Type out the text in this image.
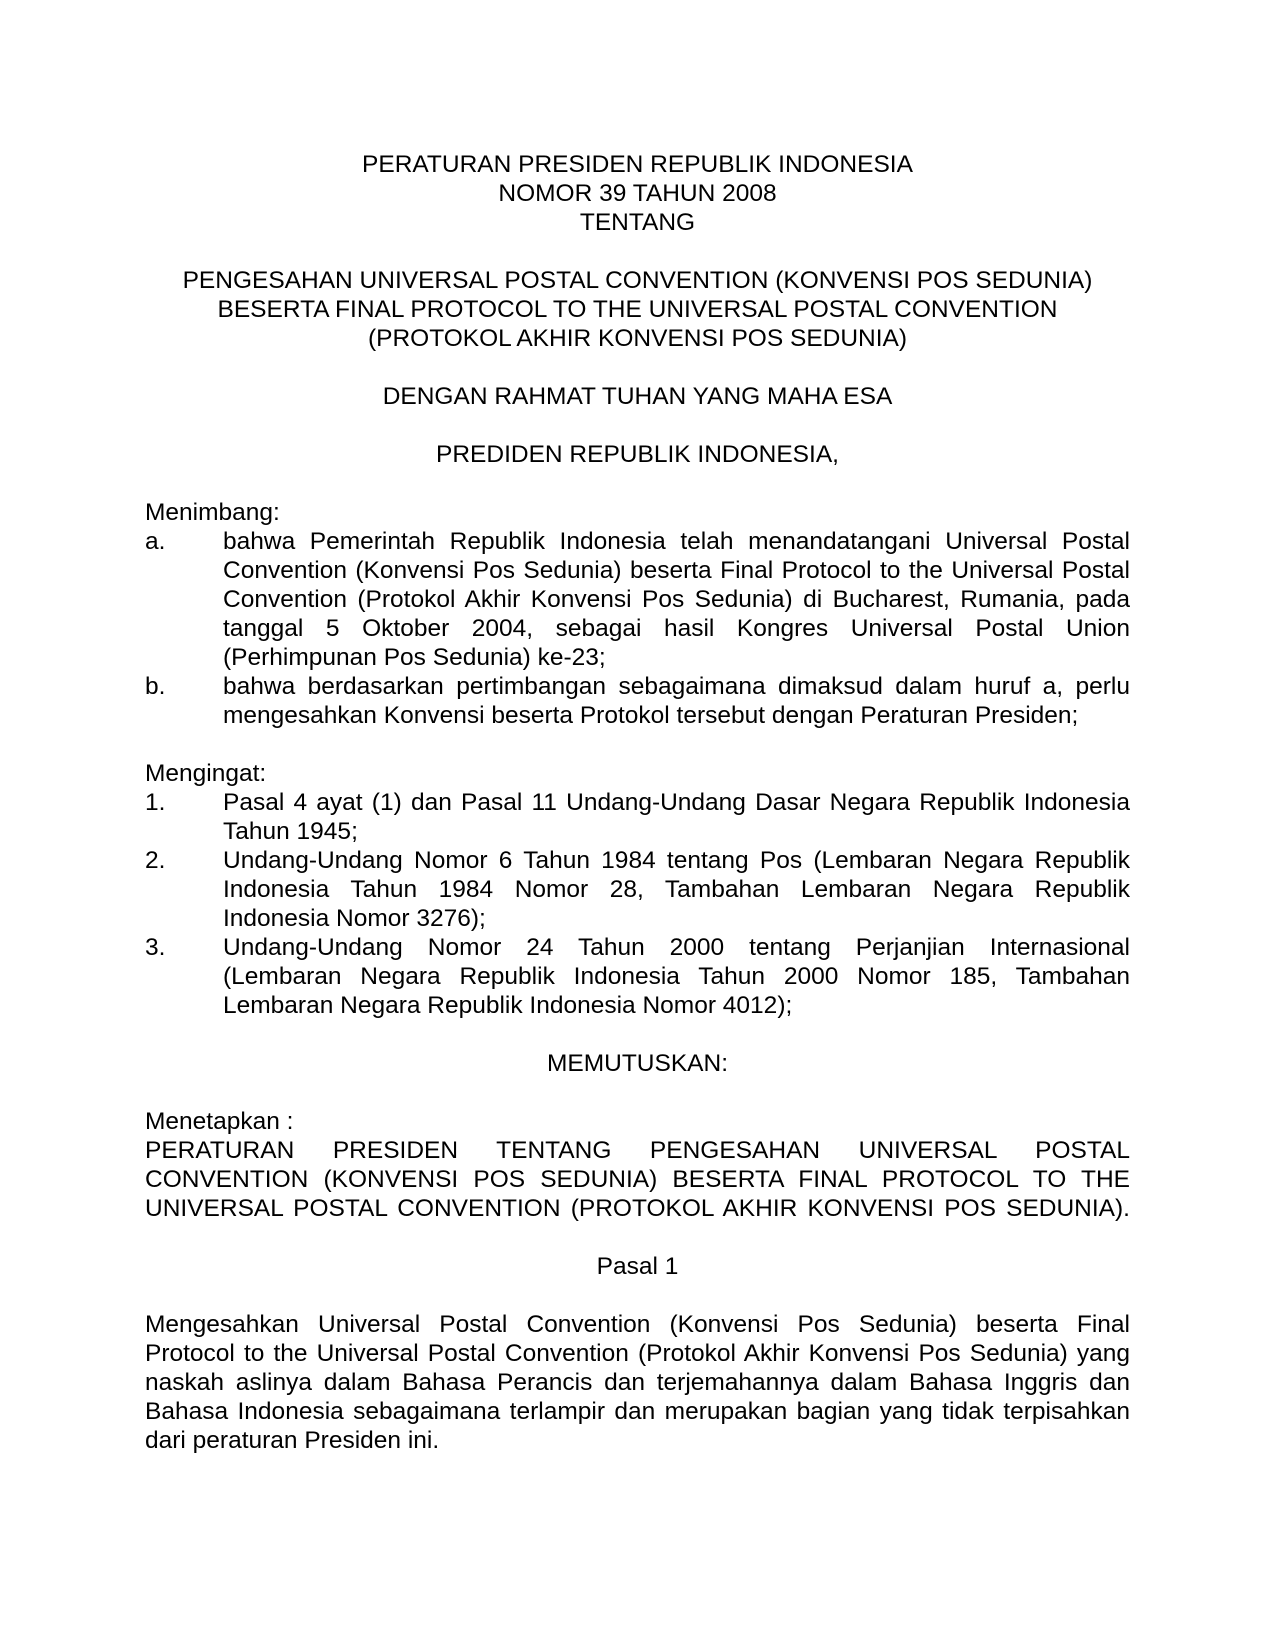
PERATURAN PRESIDEN REPUBLIK INDONESIA
NOMOR 39 TAHUN 2008
TENTANG
PENGESAHAN UNIVERSAL POSTAL CONVENTION (KONVENSI POS SEDUNIA)
BESERTA FINAL PROTOCOL TO THE UNIVERSAL POSTAL CONVENTION
(PROTOKOL AKHIR KONVENSI POS SEDUNIA)
DENGAN RAHMAT TUHAN YANG MAHA ESA
PREDIDEN REPUBLIK INDONESIA,
Menimbang:
a. bahwa Pemerintah Republik Indonesia telah menandatangani Universal Postal
Convention (Konvensi Pos Sedunia) beserta Final Protocol to the Universal Postal
Convention (Protokol Akhir Konvensi Pos Sedunia) di Bucharest, Rumania, pada
tanggal 5 Oktober 2004, sebagai hasil Kongres Universal Postal Union
(Perhimpunan Pos Sedunia) ke-23;
b. bahwa berdasarkan pertimbangan sebagaimana dimaksud dalam huruf a, perlu
mengesahkan Konvensi beserta Protokol tersebut dengan Peraturan Presiden;
Mengingat:
1. Pasal 4 ayat (1) dan Pasal 11 Undang-Undang Dasar Negara Republik Indonesia
Tahun 1945;
2. Undang-Undang Nomor 6 Tahun 1984 tentang Pos (Lembaran Negara Republik
Indonesia Tahun 1984 Nomor 28, Tambahan Lembaran Negara Republik
Indonesia Nomor 3276);
3. Undang-Undang Nomor 24 Tahun 2000 tentang Perjanjian Internasional
(Lembaran Negara Republik Indonesia Tahun 2000 Nomor 185, Tambahan
Lembaran Negara Republik Indonesia Nomor 4012);
MEMUTUSKAN:
Menetapkan :
PERATURAN PRESIDEN TENTANG PENGESAHAN UNIVERSAL POSTAL
CONVENTION (KONVENSI POS SEDUNIA) BESERTA FINAL PROTOCOL TO THE
UNIVERSAL POSTAL CONVENTION (PROTOKOL AKHIR KONVENSI POS SEDUNIA).
Pasal 1
Mengesahkan Universal Postal Convention (Konvensi Pos Sedunia) beserta Final
Protocol to the Universal Postal Convention (Protokol Akhir Konvensi Pos Sedunia) yang
naskah aslinya dalam Bahasa Perancis dan terjemahannya dalam Bahasa Inggris dan
Bahasa Indonesia sebagaimana terlampir dan merupakan bagian yang tidak terpisahkan
dari peraturan Presiden ini.
